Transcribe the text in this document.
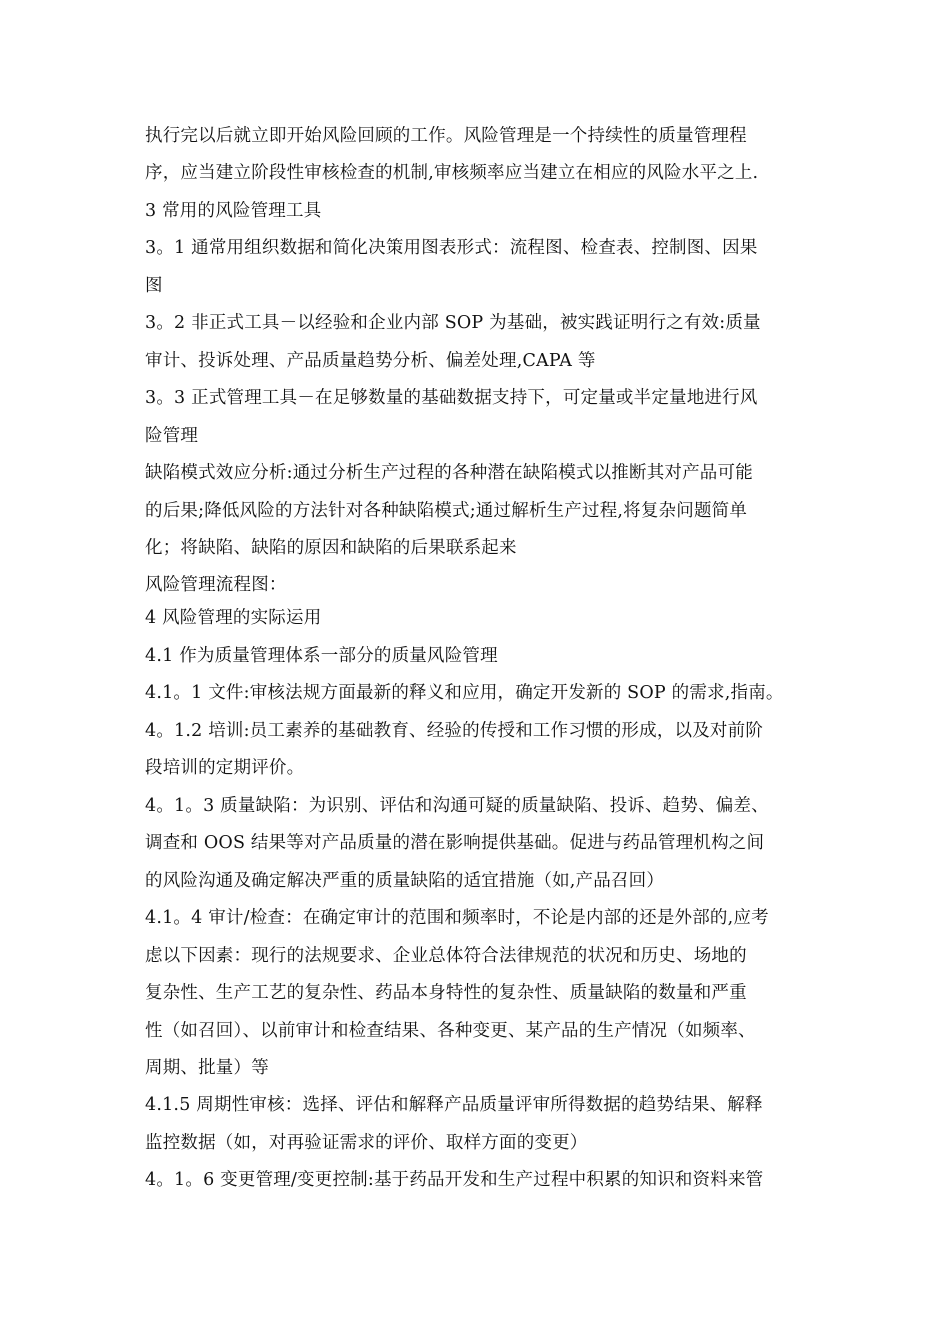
执行完以后就立即开始风险回顾的工作。风险管理是一个持续性的质量管理程
序，应当建立阶段性审核检查的机制,审核频率应当建立在相应的风险水平之上.
3 常用的风险管理工具
3。1 通常用组织数据和简化决策用图表形式：流程图、检查表、控制图、因果
图
3。2 非正式工具－以经验和企业内部 SOP 为基础，被实践证明行之有效:质量
审计、投诉处理、产品质量趋势分析、偏差处理,CAPA 等
3。3 正式管理工具－在足够数量的基础数据支持下，可定量或半定量地进行风
险管理
缺陷模式效应分析:通过分析生产过程的各种潜在缺陷模式以推断其对产品可能
的后果;降低风险的方法针对各种缺陷模式;通过解析生产过程,将复杂问题简单
化；将缺陷、缺陷的原因和缺陷的后果联系起来
风险管理流程图：
4 风险管理的实际运用
4.1 作为质量管理体系一部分的质量风险管理
4.1。1 文件:审核法规方面最新的释义和应用，确定开发新的 SOP 的需求,指南。
4。1.2 培训:员工素养的基础教育、经验的传授和工作习惯的形成，以及对前阶
段培训的定期评价。
4。1。3 质量缺陷：为识别、评估和沟通可疑的质量缺陷、投诉、趋势、偏差、
调查和 OOS 结果等对产品质量的潜在影响提供基础。促进与药品管理机构之间
的风险沟通及确定解决严重的质量缺陷的适宜措施（如,产品召回）
4.1。4 审计/检查：在确定审计的范围和频率时，不论是内部的还是外部的,应考
虑以下因素：现行的法规要求、企业总体符合法律规范的状况和历史、场地的
复杂性、生产工艺的复杂性、药品本身特性的复杂性、质量缺陷的数量和严重
性（如召回）、以前审计和检查结果、各种变更、某产品的生产情况（如频率、
周期、批量）等
4.1.5 周期性审核：选择、评估和解释产品质量评审所得数据的趋势结果、解释
监控数据（如，对再验证需求的评价、取样方面的变更）
4。1。6 变更管理/变更控制:基于药品开发和生产过程中积累的知识和资料来管
